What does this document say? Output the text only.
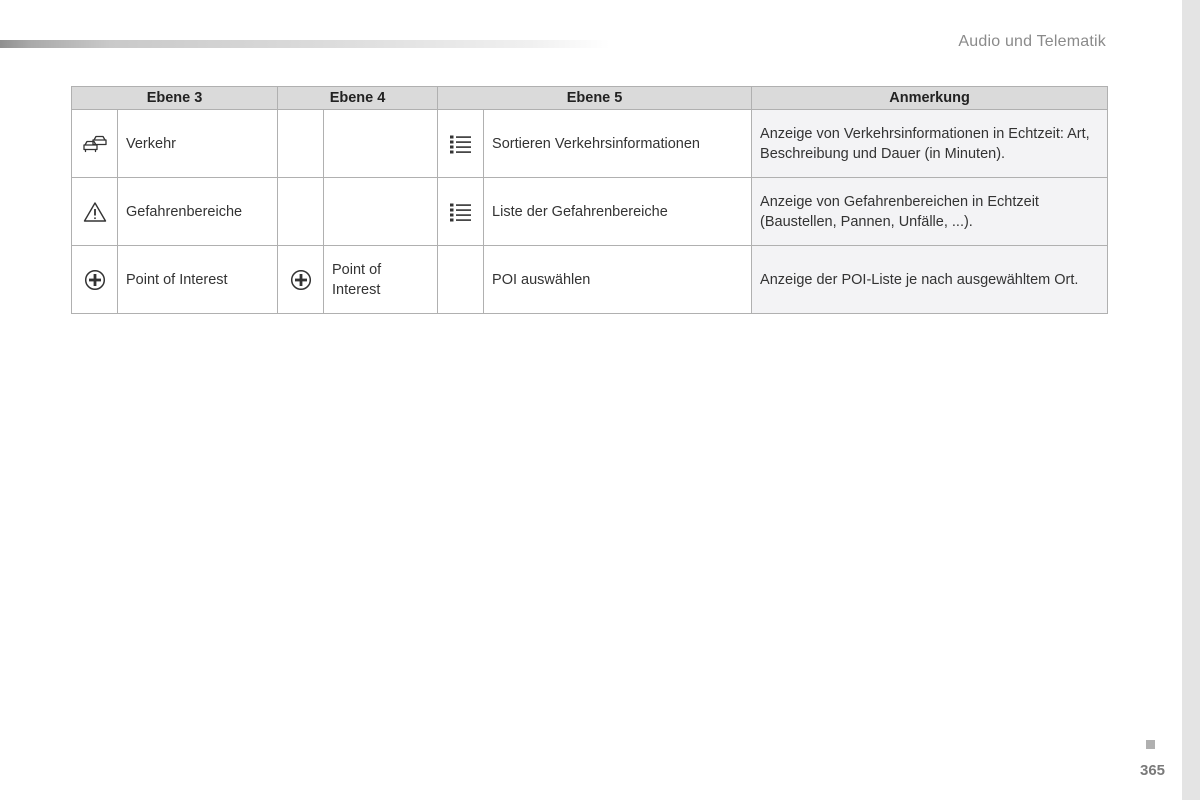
Audio und Telematik
Ebene 3		Ebene 4		Ebene 5		Anmerkung
	Verkehr				Sortieren Verkehrsinformationen	Anzeige von Verkehrsinformationen in Echtzeit: Art, Beschreibung und Dauer (in Minuten).
	Gefahrenbereiche				Liste der Gefahrenbereiche	Anzeige von Gefahrenbereichen in Echtzeit (Baustellen, Pannen, Unfälle, ...).
	Point of Interest		Point of Interest		POI auswählen	Anzeige der POI-Liste je nach ausgewähltem Ort.
365
